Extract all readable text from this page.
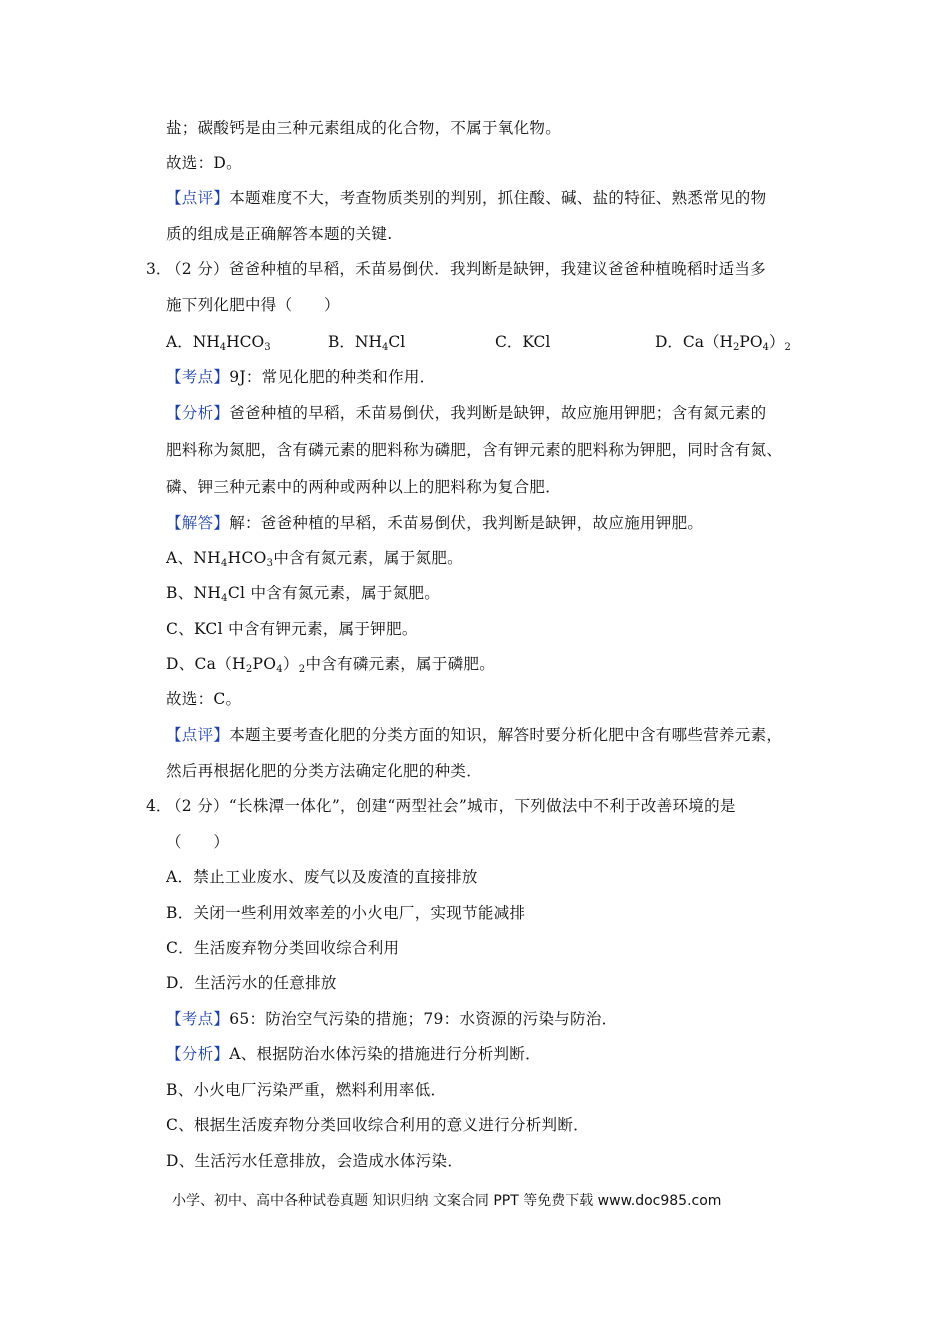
盐；碳酸钙是由三种元素组成的化合物，不属于氧化物。
故选：D。
【点评】本题难度不大，考查物质类别的判别，抓住酸、碱、盐的特征、熟悉常见的物
质的组成是正确解答本题的关键.
3．
（2 分）爸爸种植的早稻，禾苗易倒伏．我判断是缺钾，我建议爸爸种植晚稻时适当多
施下列化肥中得（　　）
A．$NH_4HCO_3$	B．$NH_4Cl$	C．KCl	D．$Ca(H_2PO_4)_2$
【考点】9J：常见化肥的种类和作用．
【分析】爸爸种植的早稻，禾苗易倒伏，我判断是缺钾，故应施用钾肥；含有氮元素的
肥料称为氮肥，含有磷元素的肥料称为磷肥，含有钾元素的肥料称为钾肥，同时含有氮、
磷、钾三种元素中的两种或两种以上的肥料称为复合肥．
【解答】解：爸爸种植的早稻，禾苗易倒伏，我判断是缺钾，故应施用钾肥。
A、$NH_4HCO_3$中含有氮元素，属于氮肥。
B、$NH_4Cl$ 中含有氮元素，属于氮肥。
C、KCl 中含有钾元素，属于钾肥。
D、$Ca(H_2PO_4)_2$中含有磷元素，属于磷肥。
故选：C。
【点评】本题主要考查化肥的分类方面的知识，解答时要分析化肥中含有哪些营养元素，
然后再根据化肥的分类方法确定化肥的种类．
4．
（2 分）“长株潭一体化”，创建“两型社会”城市，下列做法中不利于改善环境的是
（　　）
A．禁止工业废水、废气以及废渣的直接排放
B．关闭一些利用效率差的小火电厂，实现节能减排
C．生活废弃物分类回收综合利用
D．生活污水的任意排放
【考点】65：防治空气污染的措施；79：水资源的污染与防治．
【分析】A、根据防治水体污染的措施进行分析判断．
B、小火电厂污染严重，燃料利用率低．
C、根据生活废弃物分类回收综合利用的意义进行分析判断．
D、生活污水任意排放，会造成水体污染．
小学、初中、高中各种试卷真题 知识归纳 文案合同 PPT 等免费下载 www.doc985.com
